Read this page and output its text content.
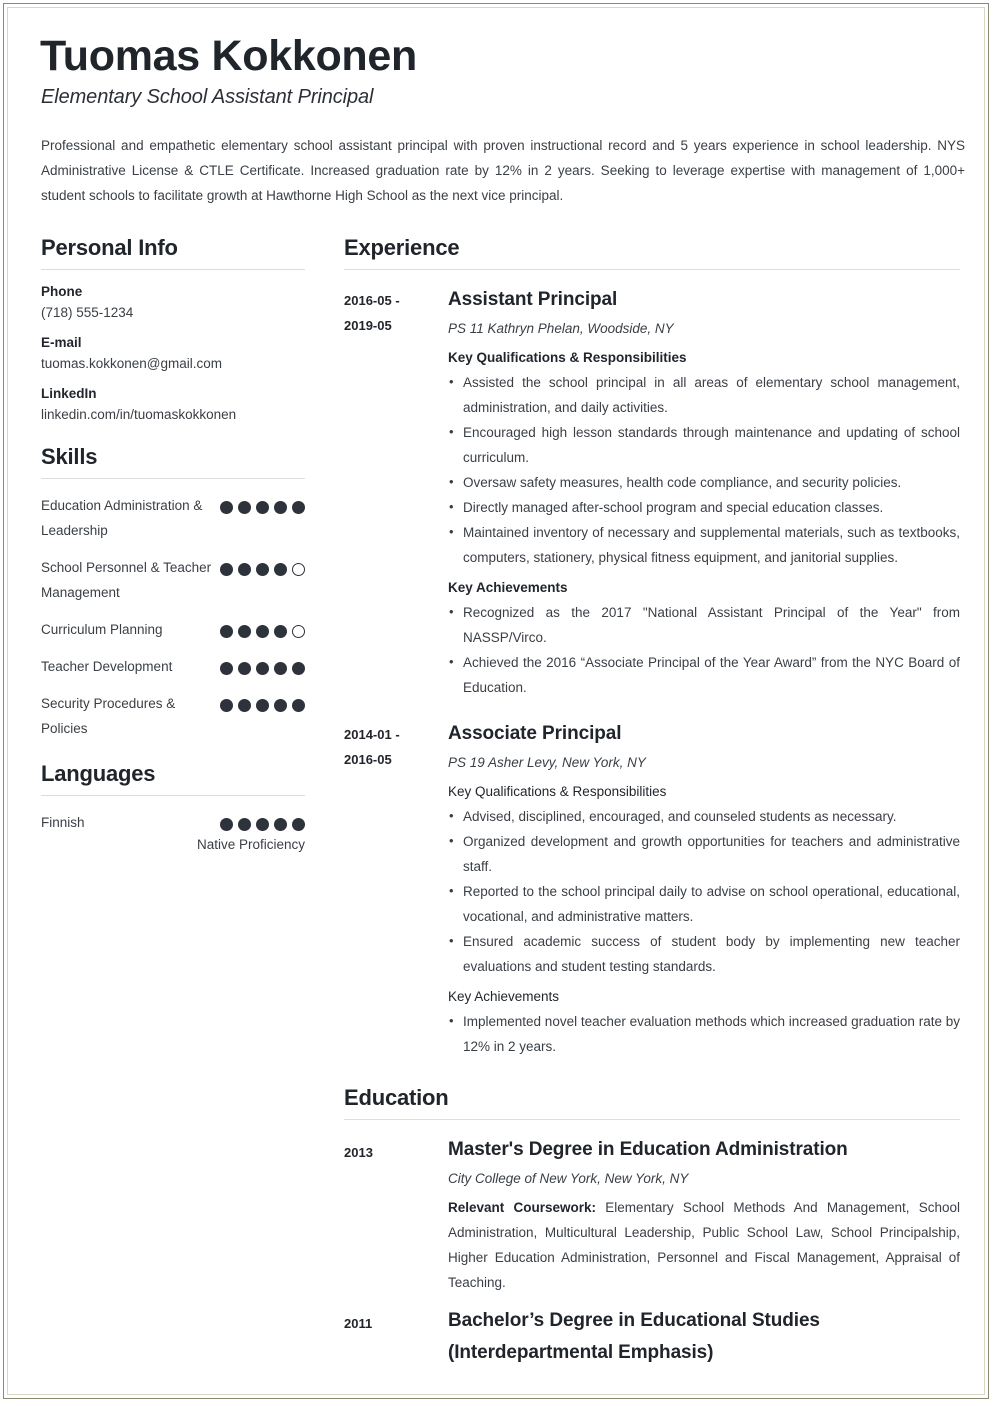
Tuomas Kokkonen
Elementary School Assistant Principal
Professional and empathetic elementary school assistant principal with proven instructional record and 5 years experience in school leadership. NYS Administrative License & CTLE Certificate. Increased graduation rate by 12% in 2 years. Seeking to leverage expertise with management of 1,000+ student schools to facilitate growth at Hawthorne High School as the next vice principal.
Personal Info
Phone
(718) 555-1234
E-mail
tuomas.kokkonen@gmail.com
LinkedIn
linkedin.com/in/tuomaskokkonen
Skills
Education Administration & Leadership
School Personnel & Teacher Management
Curriculum Planning
Teacher Development
Security Procedures & Policies
Languages
Finnish
Native Proficiency
Experience
2016-05 -
2019-05
Assistant Principal
PS 11 Kathryn Phelan, Woodside, NY
Key Qualifications & Responsibilities
• Assisted the school principal in all areas of elementary school management, administration, and daily activities.
• Encouraged high lesson standards through maintenance and updating of school curriculum.
• Oversaw safety measures, health code compliance, and security policies.
• Directly managed after-school program and special education classes.
• Maintained inventory of necessary and supplemental materials, such as textbooks, computers, stationery, physical fitness equipment, and janitorial supplies.
Key Achievements
• Recognized as the 2017 "National Assistant Principal of the Year" from NASSP/Virco.
• Achieved the 2016 “Associate Principal of the Year Award” from the NYC Board of Education.
2014-01 -
2016-05
Associate Principal
PS 19 Asher Levy, New York, NY
Key Qualifications & Responsibilities
• Advised, disciplined, encouraged, and counseled students as necessary.
• Organized development and growth opportunities for teachers and administrative staff.
• Reported to the school principal daily to advise on school operational, educational, vocational, and administrative matters.
• Ensured academic success of student body by implementing new teacher evaluations and student testing standards.
Key Achievements
• Implemented novel teacher evaluation methods which increased graduation rate by 12% in 2 years.
Education
2013	Master's Degree in Education Administration
City College of New York, New York, NY
Relevant Coursework: Elementary School Methods And Management, School Administration, Multicultural Leadership, Public School Law, School Principalship, Higher Education Administration, Personnel and Fiscal Management, Appraisal of Teaching.
2011	Bachelor’s Degree in Educational Studies
(Interdepartmental Emphasis)
